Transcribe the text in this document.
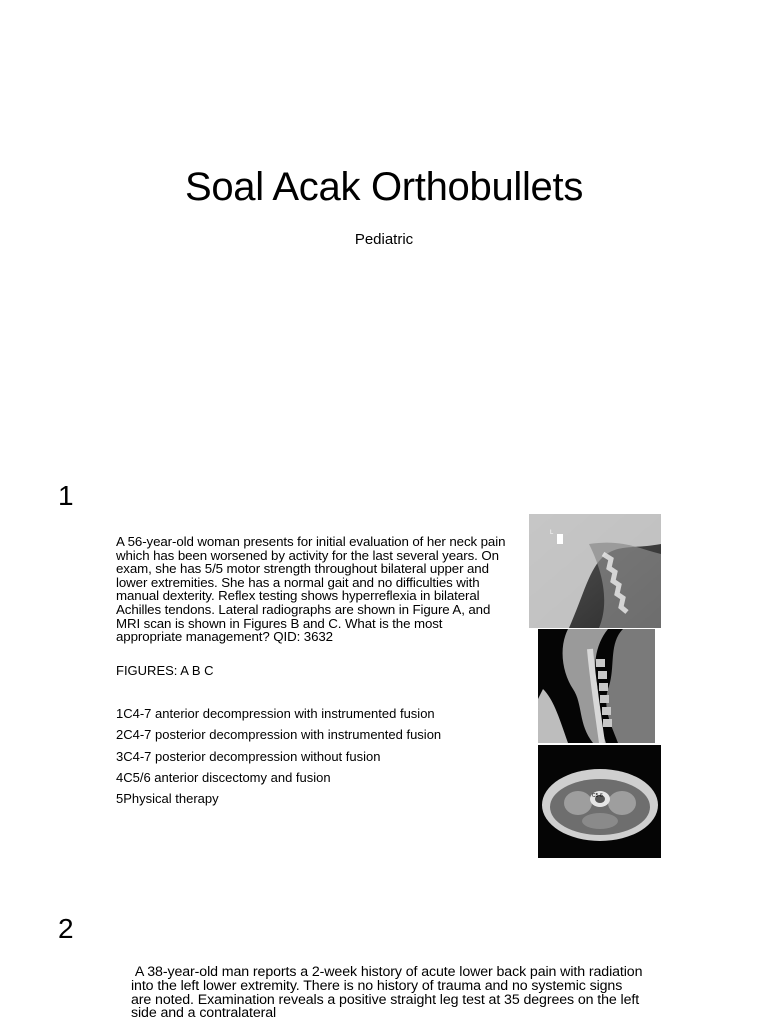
Soal Acak Orthobullets
Pediatric
1
A 56-year-old woman presents for initial evaluation of her neck pain which has been worsened by activity for the last several years. On exam, she has 5/5 motor strength throughout bilateral upper and lower extremities. She has a normal gait and no difficulties with manual dexterity. Reflex testing shows hyperreflexia in bilateral Achilles tendons. Lateral radiographs are shown in Figure A, and MRI scan is shown in Figures B and C. What is the most appropriate management? QID: 3632
FIGURES: A B C
1C4-7 anterior decompression with instrumented fusion
2C4-7 posterior decompression with instrumented fusion
3C4-7 posterior decompression without fusion
4C5/6 anterior discectomy and fusion
5Physical therapy
L
C5-6
2
A 38-year-old man reports a 2-week history of acute lower back pain with radiation into the left lower extremity. There is no history of trauma and no systemic signs are noted. Examination reveals a positive straight leg test at 35 degrees on the left side and a contralateral
